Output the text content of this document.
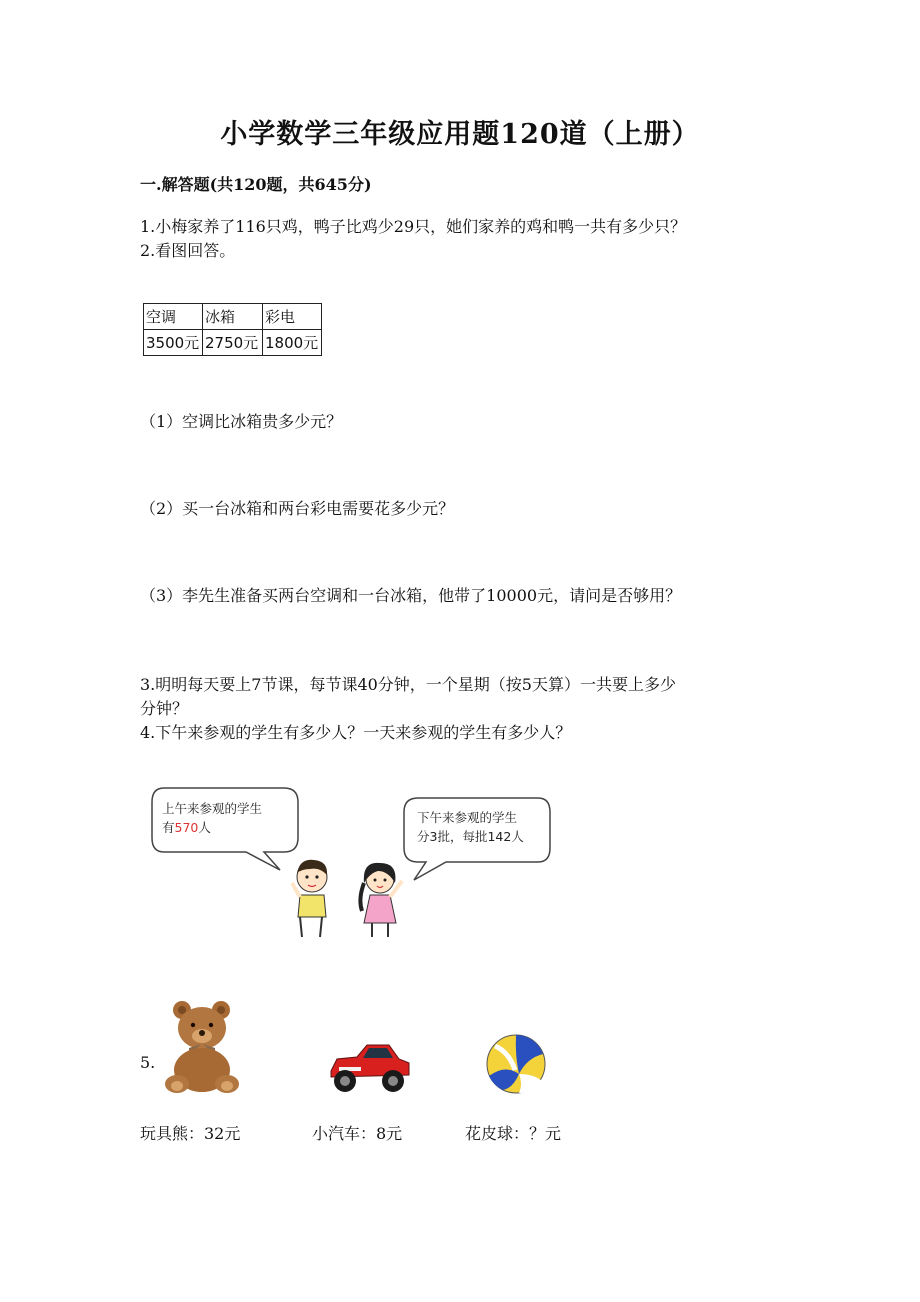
小学数学三年级应用题120道（上册）
一.解答题(共120题，共645分)
1.小梅家养了116只鸡，鸭子比鸡少29只，她们家养的鸡和鸭一共有多少只？
2.看图回答。
空调	冰箱	彩电
3500元	2750元	1800元
（1）空调比冰箱贵多少元？
（2）买一台冰箱和两台彩电需要花多少元？
（3）李先生准备买两台空调和一台冰箱，他带了10000元，请问是否够用？
3.明明每天要上7节课，每节课40分钟，一个星期（按5天算）一共要上多少
分钟？
4.下午来参观的学生有多少人？一天来参观的学生有多少人？
上午来参观的学生
有570人
下午来参观的学生
分3批，每批142人
5.
玩具熊：32元	小汽车：8元	花皮球：？元
